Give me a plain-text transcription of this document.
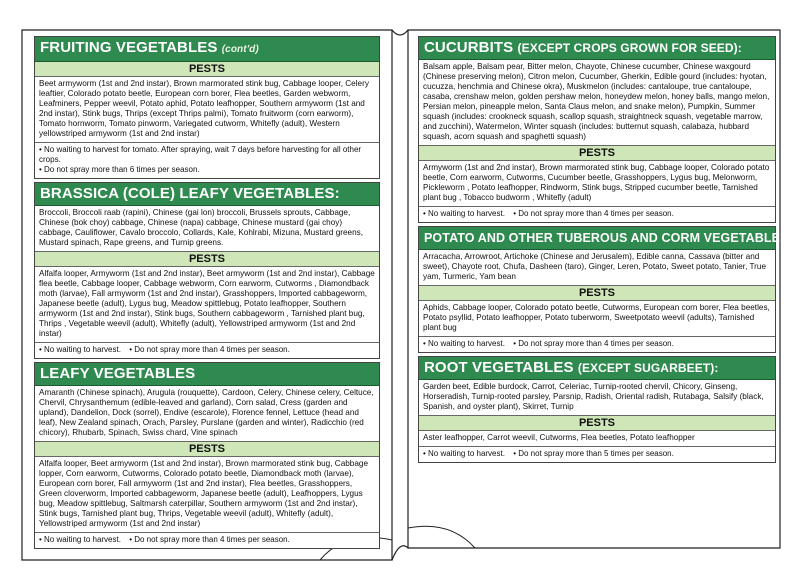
FRUITING VEGETABLES (cont'd)
PESTS
Beet armyworm (1st and 2nd instar), Brown marmorated stink bug, Cabbage looper, Celery leaftier, Colorado potato beetle, European corn borer, Flea beetles, Garden webworm, Leafminers, Pepper weevil, Potato aphid, Potato leafhopper, Southern armyworm (1st and 2nd instar), Stink bugs, Thrips (except Thrips palmi), Tomato fruitworm (corn earworm), Tomato hornworm, Tomato pinworm, Variegated cutworm, Whitefly (adult), Western yellowstriped armyworm (1st and 2nd instar)
• No waiting to harvest for tomato. After spraying, wait 7 days before harvesting for all other crops.
• Do not spray more than 6 times per season.
BRASSICA (COLE) LEAFY VEGETABLES:
Broccoli, Broccoli raab (rapini), Chinese (gai lon) broccoli, Brussels sprouts, Cabbage, Chinese (bok choy) cabbage, Chinese (napa) cabbage, Chinese mustard (gai choy) cabbage, Cauliflower, Cavalo broccolo, Collards, Kale, Kohlrabi, Mizuna, Mustard greens, Mustard spinach, Rape greens, and Turnip greens.
PESTS
Alfalfa looper, Armyworm (1st and 2nd instar), Beet armyworm (1st and 2nd instar), Cabbage flea beetle, Cabbage looper, Cabbage webworm, Corn earworm, Cutworms , Diamondback moth (larvae), Fall armyworm (1st and 2nd instar), Grasshoppers, Imported cabbageworm, Japanese beetle (adult), Lygus bug, Meadow spittlebug, Potato leafhopper, Southern armyworm (1st and 2nd instar), Stink bugs, Southern cabbageworm , Tarnished plant bug, Thrips , Vegetable weevil (adult), Whitefly (adult), Yellowstriped armyworm (1st and 2nd instar)
• No waiting to harvest. • Do not spray more than 4 times per season.
LEAFY VEGETABLES
Amaranth (Chinese spinach), Arugula (rouquette), Cardoon, Celery, Chinese celery, Celtuce, Chervil, Chrysanthemum (edible-leaved and garland), Corn salad, Cress (garden and upland), Dandelion, Dock (sorrel), Endive (escarole), Florence fennel, Lettuce (head and leaf), New Zealand spinach, Orach, Parsley, Purslane (garden and winter), Radicchio (red chicory), Rhubarb, Spinach, Swiss chard, Vine spinach
PESTS
Alfalfa looper, Beet armyworm (1st and 2nd instar), Brown marmorated stink bug, Cabbage lopper, Corn earworm, Cutworms, Colorado potato beetle, Diamondback moth (larvae), European corn borer, Fall armyworm (1st and 2nd instar), Flea beetles, Grasshoppers, Green cloverworm, Imported cabbageworm, Japanese beetle (adult), Leafhoppers, Lygus bug, Meadow spittlebug, Saltmarsh caterpillar, Southern armyworm (1st and 2nd instar), Stink bugs, Tarnished plant bug, Thrips, Vegetable weevil (adult), Whitefly (adult), Yellowstriped armyworm (1st and 2nd instar)
• No waiting to harvest. • Do not spray more than 4 times per season.
CUCURBITS (EXCEPT CROPS GROWN FOR SEED):
Balsam apple, Balsam pear, Bitter melon, Chayote, Chinese cucumber, Chinese waxgourd (Chinese preserving melon), Citron melon, Cucumber, Gherkin, Edible gourd (includes: hyotan, cucuzza, henchmia and Chinese okra), Muskmelon (includes: cantaloupe, true cantaloupe, casaba, crenshaw melon, golden pershaw melon, honeydew melon, honey balls, mango melon, Persian melon, pineapple melon, Santa Claus melon, and snake melon), Pumpkin, Summer squash (includes: crookneck squash, scallop squash, straightneck squash, vegetable marrow, and zucchini), Watermelon, Winter squash (includes: butternut squash, calabaza, hubbard squash, acorn squash and spaghetti squash)
PESTS
Armyworm (1st and 2nd instar), Brown marmorated stink bug, Cabbage looper, Colorado potato beetle, Corn earworm, Cutworms, Cucumber beetle, Grasshoppers, Lygus bug, Melonworm, Pickleworm , Potato leafhopper, Rindworm, Stink bugs, Stripped cucumber beetle, Tarnished plant bug , Tobacco budworm , Whitefly (adult)
• No waiting to harvest. • Do not spray more than 4 times per season.
POTATO AND OTHER TUBEROUS AND CORM VEGETABLES:
Arracacha, Arrowroot, Artichoke (Chinese and Jerusalem), Edible canna, Cassava (bitter and sweet), Chayote root, Chufa, Dasheen (taro), Ginger, Leren, Potato, Sweet potato, Tanier, True yam, Turmeric, Yam bean
PESTS
Aphids, Cabbage looper, Colorado potato beetle, Cutworms, European corn borer, Flea beetles, Potato psyllid, Potato leafhopper, Potato tuberworm, Sweetpotato weevil (adults), Tarnished plant bug
• No waiting to harvest. • Do not spray more than 4 times per season.
ROOT VEGETABLES (EXCEPT SUGARBEET):
Garden beet, Edible burdock, Carrot, Celeriac, Turnip-rooted chervil, Chicory, Ginseng, Horseradish, Turnip-rooted parsley, Parsnip, Radish, Oriental radish, Rutabaga, Salsify (black, Spanish, and oyster plant), Skirret, Turnip
PESTS
Aster leafhopper, Carrot weevil, Cutworms, Flea beetles, Potato leafhopper
• No waiting to harvest. • Do not spray more than 5 times per season.
